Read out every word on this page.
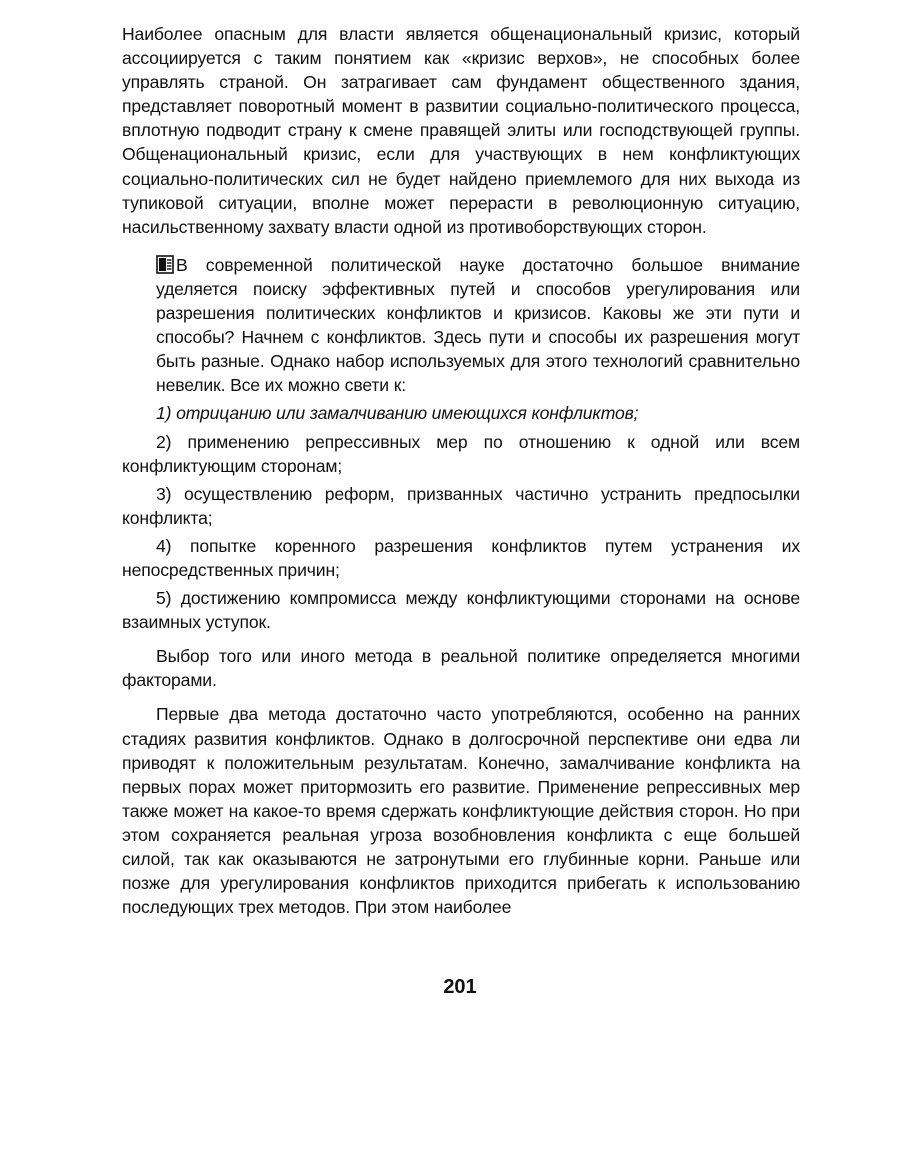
Наиболее опасным для власти является общенациональный кризис, который ассоциируется с таким понятием как «кризис верхов», не способных более управлять страной. Он затрагивает сам фундамент общественного здания, представляет поворотный момент в развитии социально-политического процесса, вплотную подводит страну к смене правящей элиты или господствующей группы. Общенациональный кризис, если для участвующих в нем конфликтующих социально-политических сил не будет найдено приемлемого для них выхода из тупиковой ситуации, вполне может перерасти в революционную ситуацию, насильственному захвату власти одной из противоборствующих сторон.

В современной политической науке достаточно большое внимание уделяется поиску эффективных путей и способов урегулирования или разрешения политических конфликтов и кризисов. Каковы же эти пути и способы? Начнем с конфликтов. Здесь пути и способы их разрешения могут быть разные. Однако набор используемых для этого технологий сравнительно невелик. Все их можно свети к:

1) отрицанию или замалчиванию имеющихся конфликтов;

2) применению репрессивных мер по отношению к одной или всем конфликтующим сторонам;

3) осуществлению реформ, призванных частично устранить предпосылки конфликта;

4) попытке коренного разрешения конфликтов путем устранения их непосредственных причин;

5) достижению компромисса между конфликтующими сторонами на основе взаимных уступок.

Выбор того или иного метода в реальной политике определяется многими факторами.

Первые два метода достаточно часто употребляются, особенно на ранних стадиях развития конфликтов. Однако в долгосрочной перспективе они едва ли приводят к положительным результатам. Конечно, замалчивание конфликта на первых порах может притормозить его развитие. Применение репрессивных мер также может на какое-то время сдержать конфликтующие действия сторон. Но при этом сохраняется реальная угроза возобновления конфликта с еще большей силой, так как оказываются не затронутыми его глубинные корни. Раньше или позже для урегулирования конфликтов приходится прибегать к использованию последующих трех методов. При этом наиболее

201
